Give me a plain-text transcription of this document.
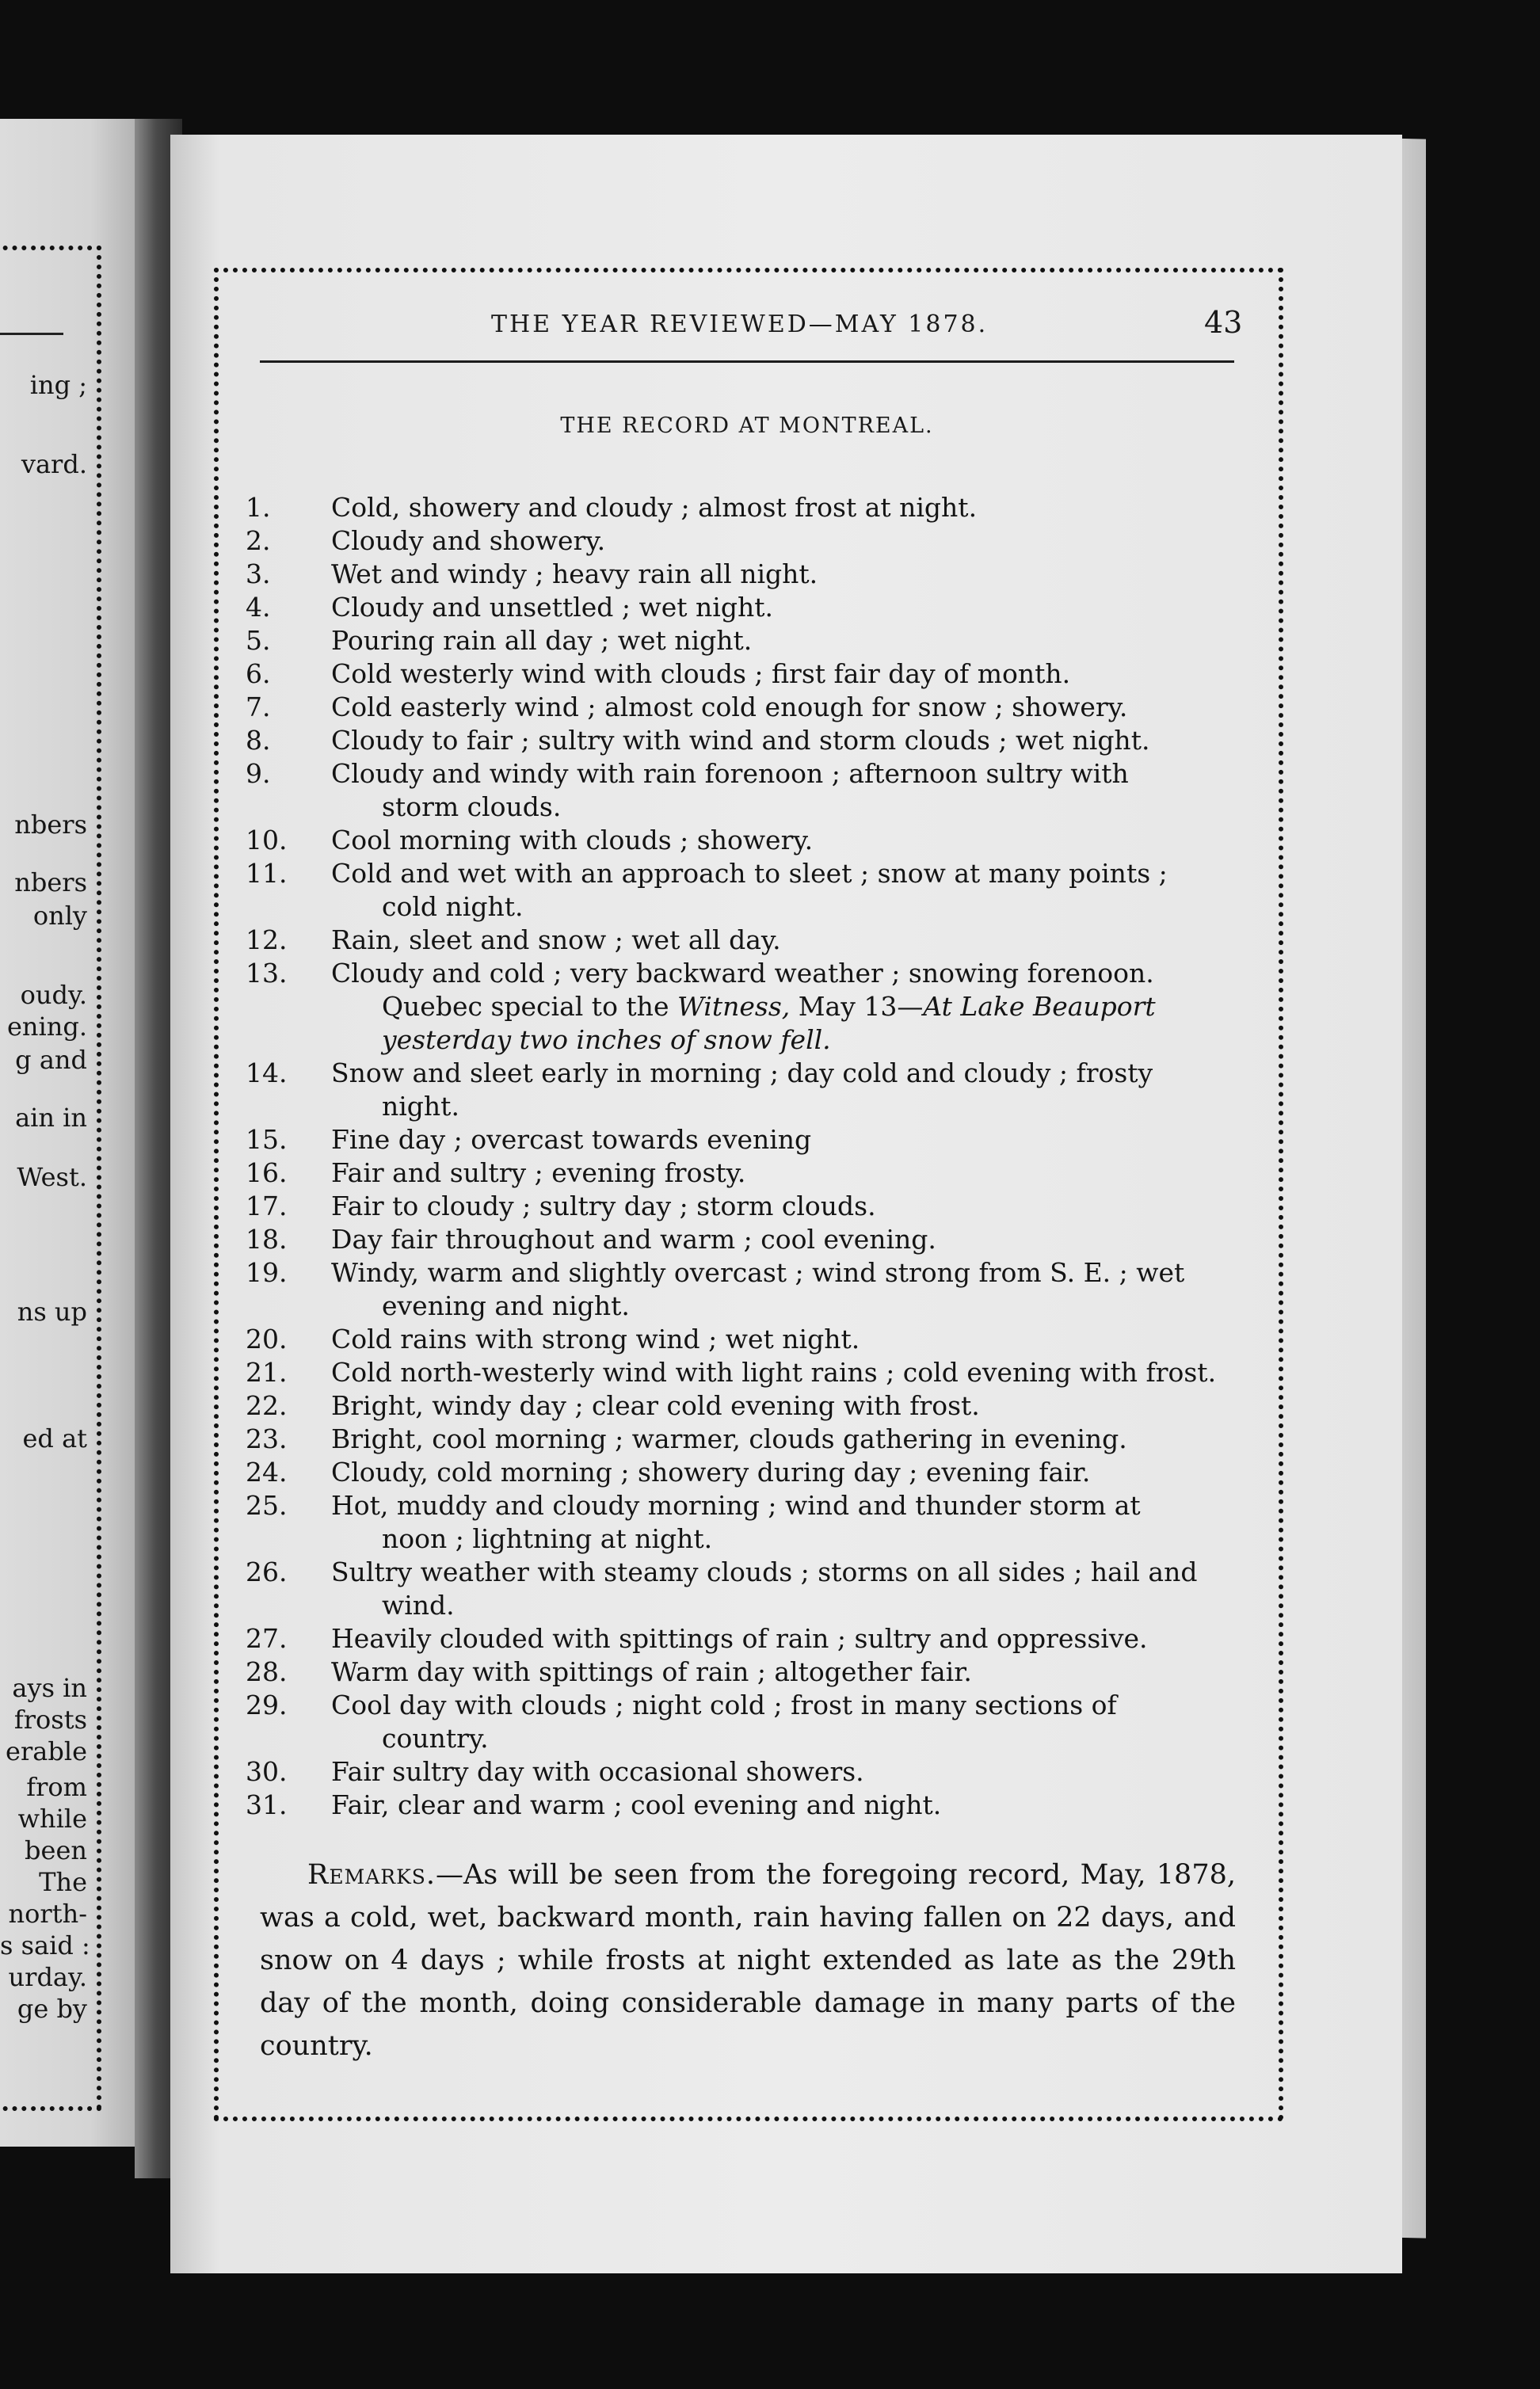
ing ;
vard.
nbers
nbers
only
oudy.
ening.
g and
ain in
West.
ns up
ed at
ays in
frosts
erable
from
while
been
The
north-
s said :
urday.
ge by
THE YEAR REVIEWED—MAY 1878.	43
THE RECORD AT MONTREAL.
1.	Cold, showery and cloudy ; almost frost at night.
2.	Cloudy and showery.
3.	Wet and windy ; heavy rain all night.
4.	Cloudy and unsettled ; wet night.
5.	Pouring rain all day ; wet night.
6.	Cold westerly wind with clouds ; first fair day of month.
7.	Cold easterly wind ; almost cold enough for snow ; showery.
8.	Cloudy to fair ; sultry with wind and storm clouds ; wet night.
9.	Cloudy and windy with rain forenoon ; afternoon sultry with
storm clouds.
10.	Cool morning with clouds ; showery.
11.	Cold and wet with an approach to sleet ; snow at many points ;
cold night.
12.	Rain, sleet and snow ; wet all day.
13.	Cloudy and cold ; very backward weather ; snowing forenoon.
Quebec special to the Witness, May 13—At Lake Beauport
yesterday two inches of snow fell.
14.	Snow and sleet early in morning ; day cold and cloudy ; frosty
night.
15.	Fine day ; overcast towards evening
16.	Fair and sultry ; evening frosty.
17.	Fair to cloudy ; sultry day ; storm clouds.
18.	Day fair throughout and warm ; cool evening.
19.	Windy, warm and slightly overcast ; wind strong from S. E. ; wet
evening and night.
20.	Cold rains with strong wind ; wet night.
21.	Cold north-westerly wind with light rains ; cold evening with frost.
22.	Bright, windy day ; clear cold evening with frost.
23.	Bright, cool morning ; warmer, clouds gathering in evening.
24.	Cloudy, cold morning ; showery during day ; evening fair.
25.	Hot, muddy and cloudy morning ; wind and thunder storm at
noon ; lightning at night.
26.	Sultry weather with steamy clouds ; storms on all sides ; hail and
wind.
27.	Heavily clouded with spittings of rain ; sultry and oppressive.
28.	Warm day with spittings of rain ; altogether fair.
29.	Cool day with clouds ; night cold ; frost in many sections of
country.
30.	Fair sultry day with occasional showers.
31.	Fair, clear and warm ; cool evening and night.

Remarks.—As will be seen from the foregoing record, May, 1878, was a cold, wet, backward month, rain having fallen on 22 days, and snow on 4 days ; while frosts at night extended as late as the 29th day of the month, doing considerable damage in many parts of the country.
